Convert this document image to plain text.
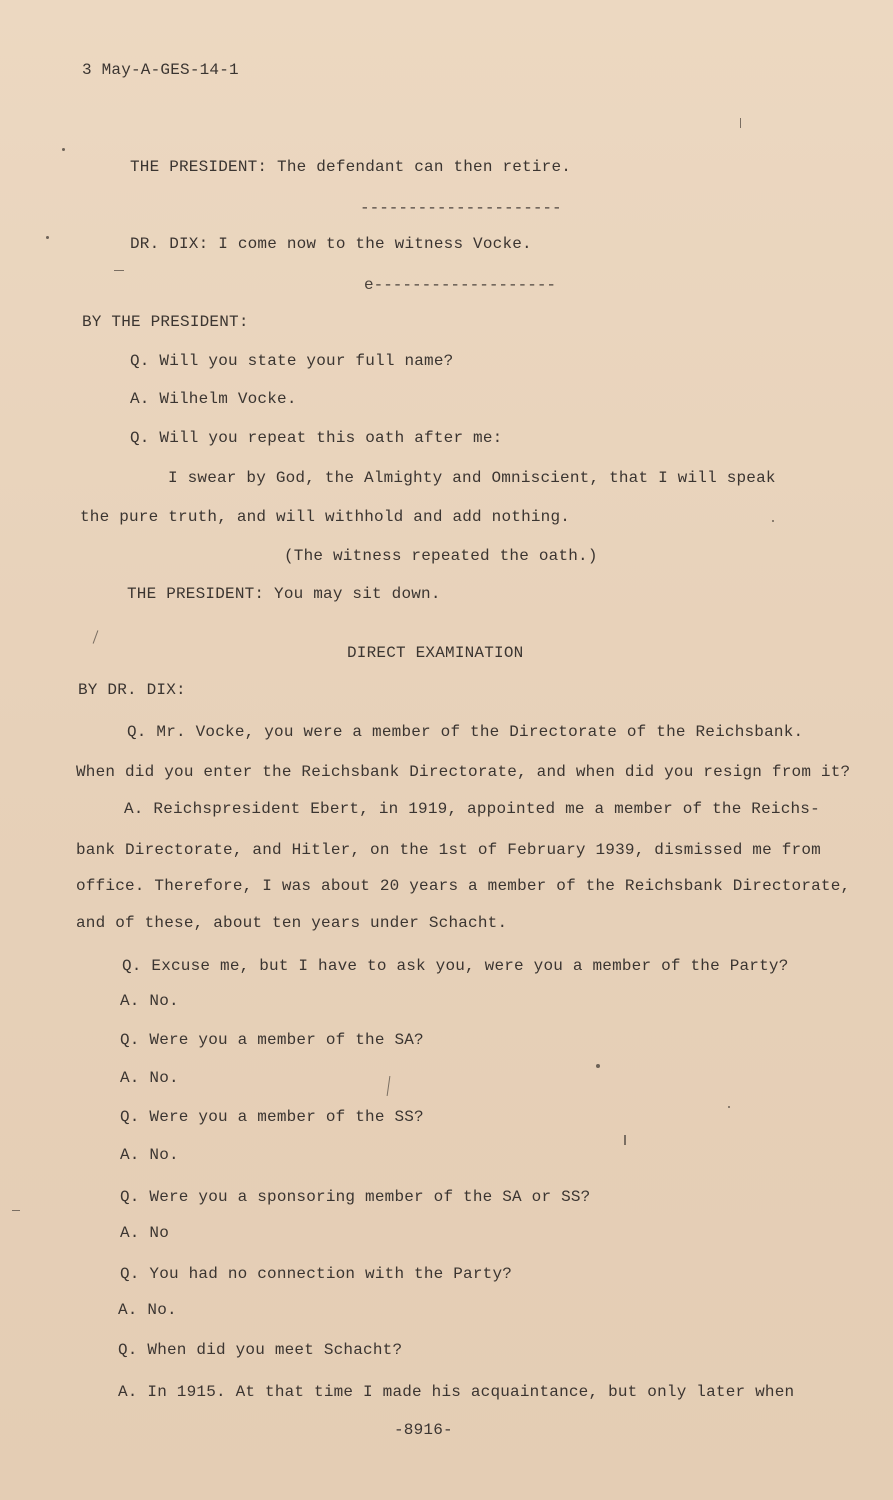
3 May-A-GES-14-1
THE PRESIDENT: The defendant can then retire.
---------------------
DR. DIX: I come now to the witness Vocke.
e-------------------
BY THE PRESIDENT:
Q. Will you state your full name?
A. Wilhelm Vocke.
Q. Will you repeat this oath after me:
I swear by God, the Almighty and Omniscient, that I will speak
the pure truth, and will withhold and add nothing.
(The witness repeated the oath.)
THE PRESIDENT: You may sit down.
DIRECT EXAMINATION
BY DR. DIX:
Q. Mr. Vocke, you were a member of the Directorate of the Reichsbank.
When did you enter the Reichsbank Directorate, and when did you resign from it?
A. Reichspresident Ebert, in 1919, appointed me a member of the Reichs-
bank Directorate, and Hitler, on the 1st of February 1939, dismissed me from
office. Therefore, I was about 20 years a member of the Reichsbank Directorate,
and of these, about ten years under Schacht.
Q. Excuse me, but I have to ask you, were you a member of the Party?
A. No.
Q. Were you a member of the SA?
A. No.
Q. Were you a member of the SS?
A. No.
Q. Were you a sponsoring member of the SA or SS?
A. No
Q. You had no connection with the Party?
A. No.
Q. When did you meet Schacht?
A. In 1915. At that time I made his acquaintance, but only later when
-8916-
